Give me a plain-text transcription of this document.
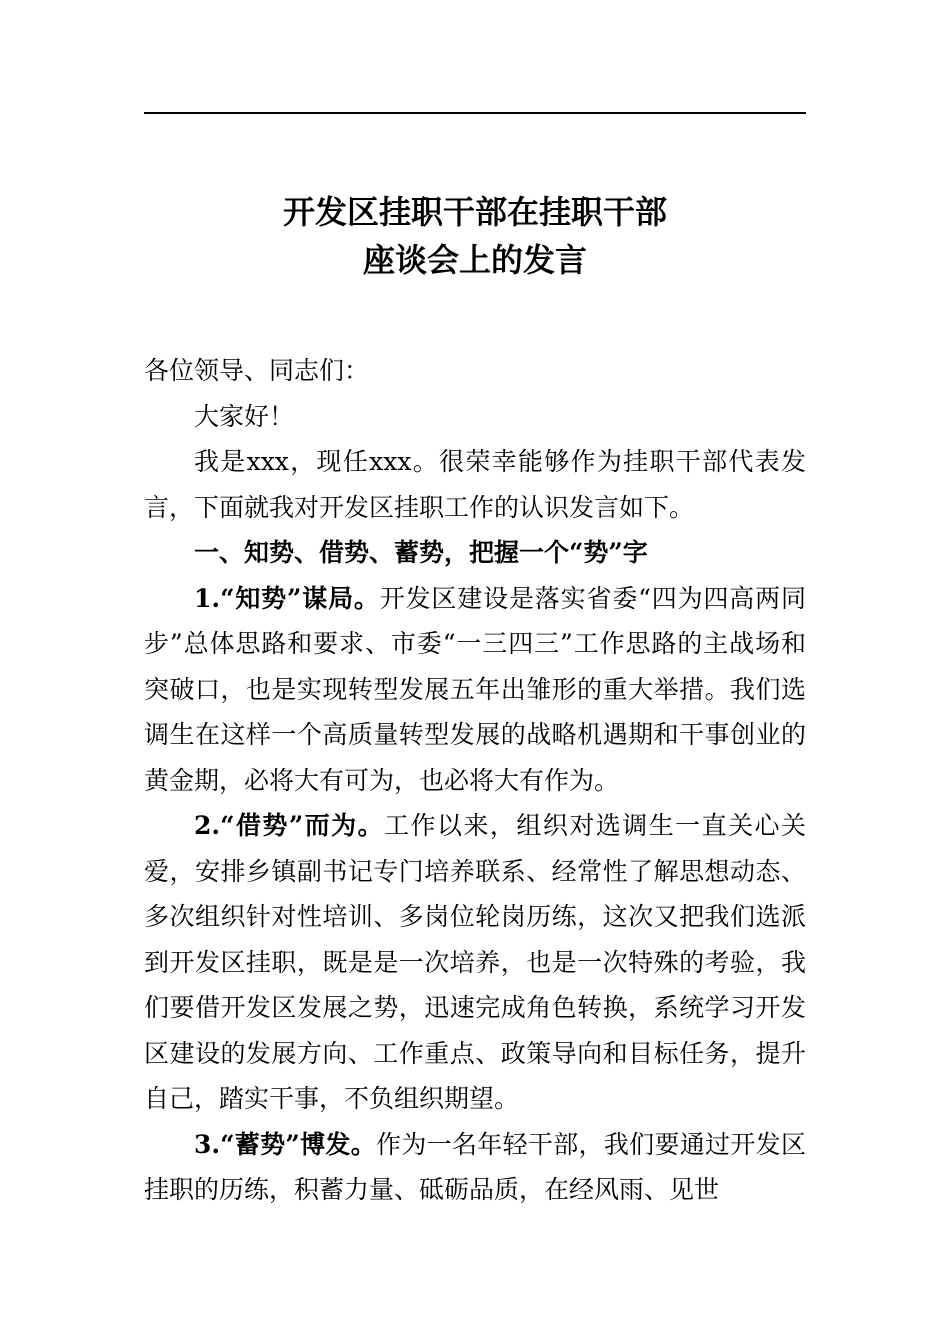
开发区挂职干部在挂职干部
座谈会上的发言

各位领导、同志们：

大家好！

我是xxx，现任xxx。很荣幸能够作为挂职干部代表发言，下面就我对开发区挂职工作的认识发言如下。

一、知势、借势、蓄势，把握一个“势”字

1.“知势”谋局。开发区建设是落实省委“四为四高两同步”总体思路和要求、市委“一三四三”工作思路的主战场和突破口，也是实现转型发展五年出雏形的重大举措。我们选调生在这样一个高质量转型发展的战略机遇期和干事创业的黄金期，必将大有可为，也必将大有作为。

2.“借势”而为。工作以来，组织对选调生一直关心关爱，安排乡镇副书记专门培养联系、经常性了解思想动态、多次组织针对性培训、多岗位轮岗历练，这次又把我们选派到开发区挂职，既是是一次培养，也是一次特殊的考验，我们要借开发区发展之势，迅速完成角色转换，系统学习开发区建设的发展方向、工作重点、政策导向和目标任务，提升自己，踏实干事，不负组织期望。

3.“蓄势”博发。作为一名年轻干部，我们要通过开发区挂职的历练，积蓄力量、砥砺品质，在经风雨、见世
